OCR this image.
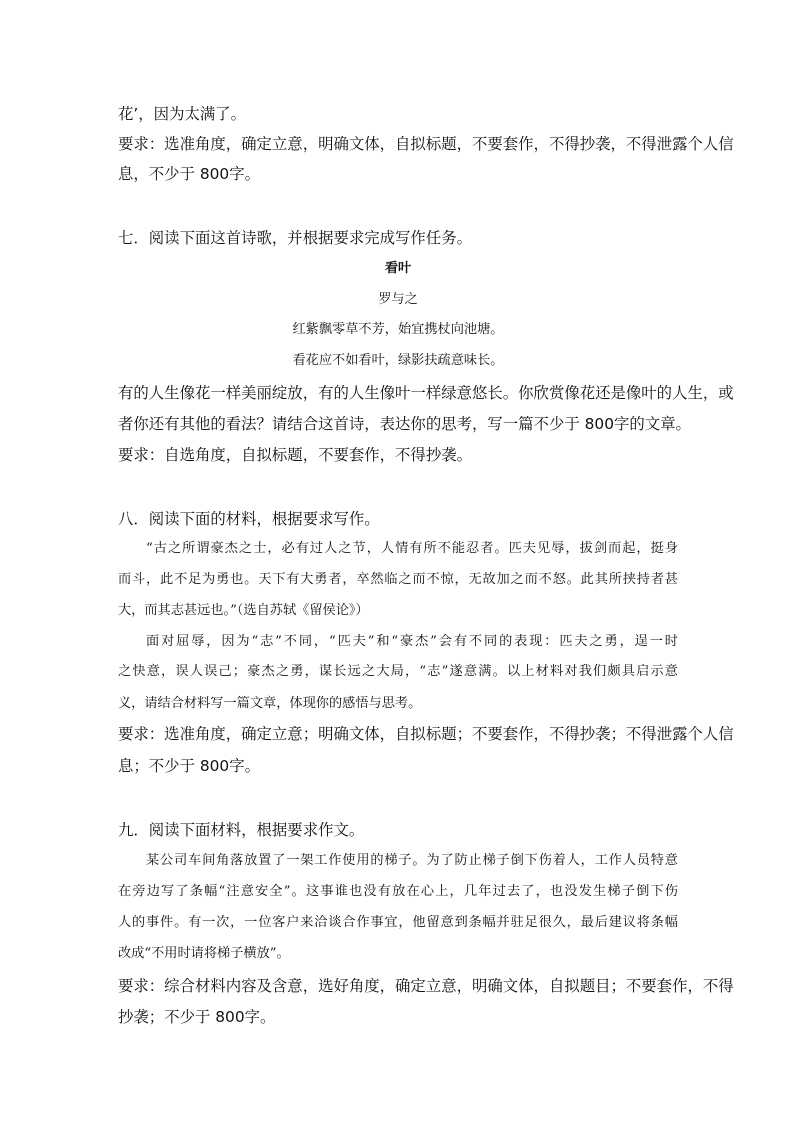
花’，因为太满了。
要求：选准角度，确定立意，明确文体，自拟标题，不要套作，不得抄袭，不得泄露个人信
息，不少于 800字。
七．阅读下面这首诗歌，并根据要求完成写作任务。
看叶
罗与之
红紫飘零草不芳，始宜携杖向池塘。
看花应不如看叶，绿影扶疏意味长。
有的人生像花一样美丽绽放，有的人生像叶一样绿意悠长。你欣赏像花还是像叶的人生，或
者你还有其他的看法？请结合这首诗，表达你的思考，写一篇不少于 800字的文章。
要求：自选角度，自拟标题，不要套作，不得抄袭。
八．阅读下面的材料，根据要求写作。
“古之所谓豪杰之士，必有过人之节，人情有所不能忍者。匹夫见辱，拔剑而起，挺身
而斗，此不足为勇也。天下有大勇者，卒然临之而不惊，无故加之而不怒。此其所挟持者甚
大，而其志甚远也。”（选自苏轼《留侯论》）
面对屈辱，因为“志”不同，“匹夫”和“豪杰”会有不同的表现：匹夫之勇，逞一时
之快意，误人误己；豪杰之勇，谋长远之大局，“志”遂意满。以上材料对我们颇具启示意
义，请结合材料写一篇文章，体现你的感悟与思考。
要求：选准角度，确定立意；明确文体，自拟标题；不要套作，不得抄袭；不得泄露个人信
息；不少于 800字。
九．阅读下面材料，根据要求作文。
某公司车间角落放置了一架工作使用的梯子。为了防止梯子倒下伤着人，工作人员特意
在旁边写了条幅“注意安全”。这事谁也没有放在心上，几年过去了，也没发生梯子倒下伤
人的事件。有一次，一位客户来洽谈合作事宜，他留意到条幅并驻足很久，最后建议将条幅
改成“不用时请将梯子横放”。
要求：综合材料内容及含意，选好角度，确定立意，明确文体，自拟题目；不要套作，不得
抄袭；不少于 800字。
